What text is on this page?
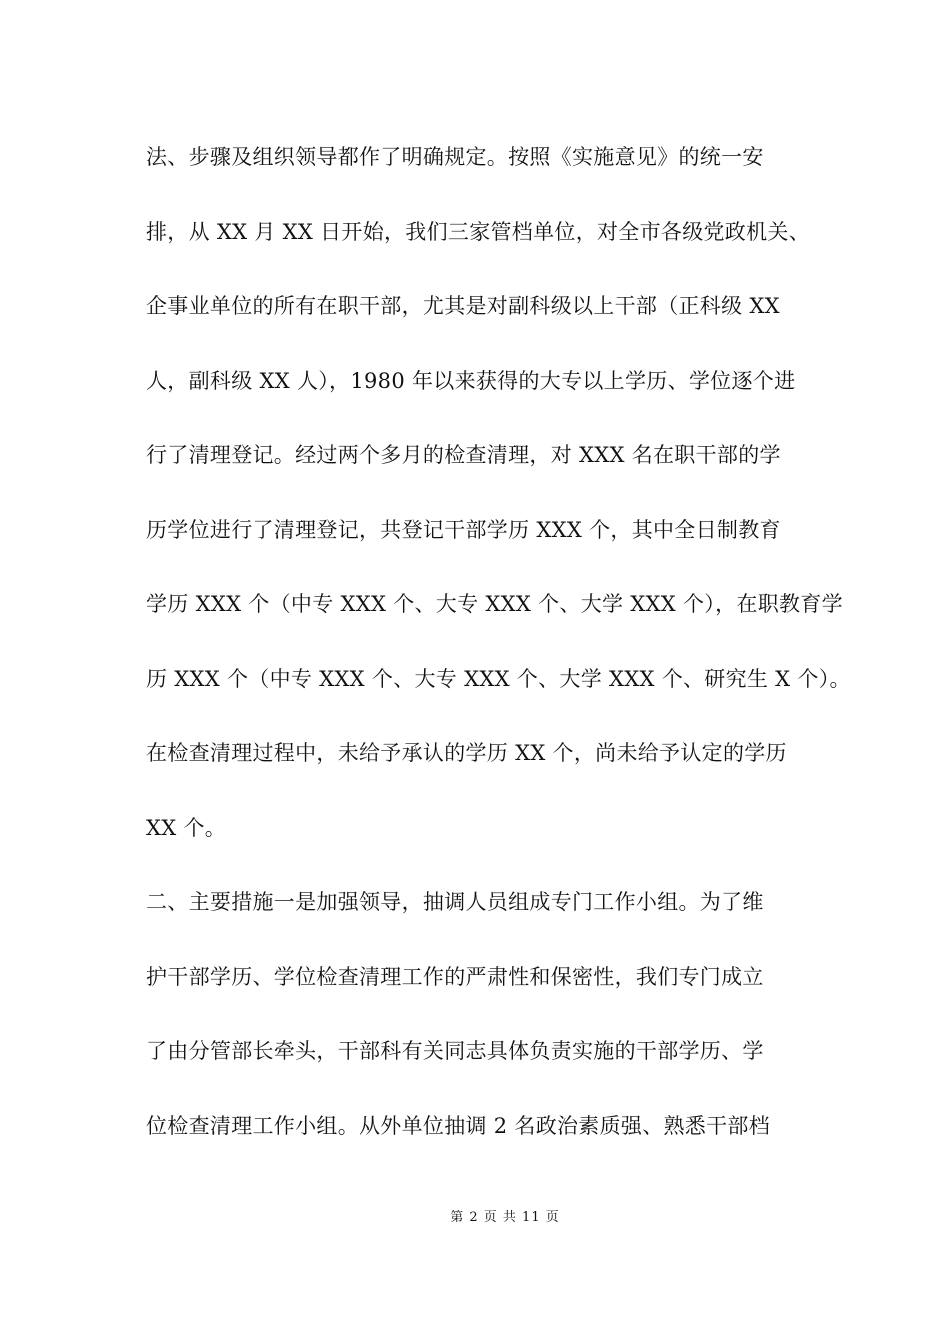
法、步骤及组织领导都作了明确规定。按照《实施意见》的统一安
排，从 XX 月 XX 日开始，我们三家管档单位，对全市各级党政机关、
企事业单位的所有在职干部，尤其是对副科级以上干部（正科级 XX
人，副科级 XX 人），1980 年以来获得的大专以上学历、学位逐个进
行了清理登记。经过两个多月的检查清理，对 XXX 名在职干部的学
历学位进行了清理登记，共登记干部学历 XXX 个，其中全日制教育
学历 XXX 个（中专 XXX 个、大专 XXX 个、大学 XXX 个），在职教育学
历 XXX 个（中专 XXX 个、大专 XXX 个、大学 XXX 个、研究生 X 个）。
在检查清理过程中，未给予承认的学历 XX 个，尚未给予认定的学历
XX 个。
二、主要措施一是加强领导，抽调人员组成专门工作小组。为了维
护干部学历、学位检查清理工作的严肃性和保密性，我们专门成立
了由分管部长牵头，干部科有关同志具体负责实施的干部学历、学
位检查清理工作小组。从外单位抽调 2 名政治素质强、熟悉干部档
第 2 页 共 11 页
